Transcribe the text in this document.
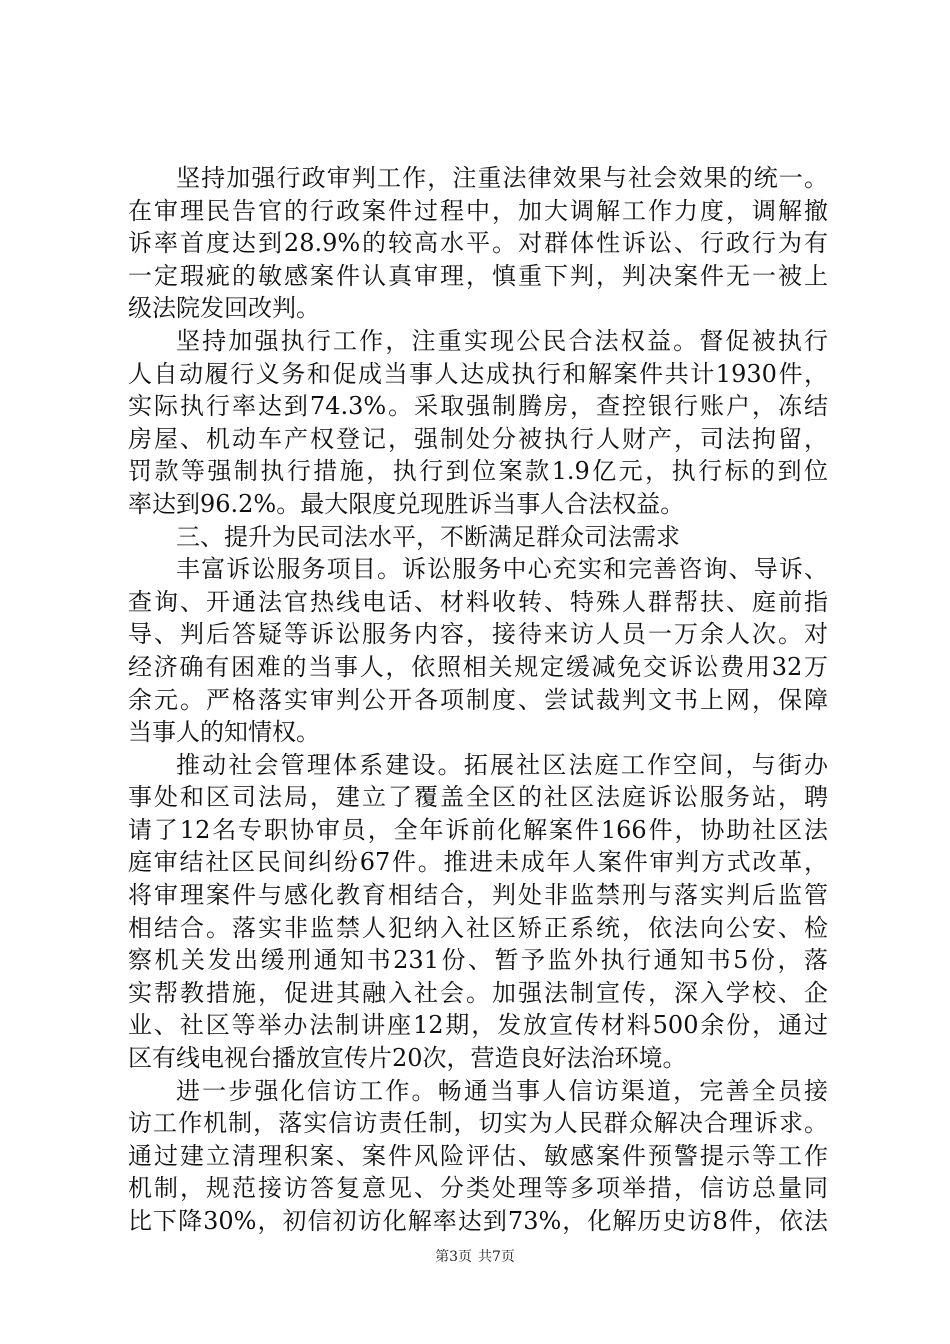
坚持加强行政审判工作，注重法律效果与社会效果的统一。
在审理民告官的行政案件过程中，加大调解工作力度，调解撤
诉率首度达到28.9%的较高水平。对群体性诉讼、行政行为有
一定瑕疵的敏感案件认真审理，慎重下判，判决案件无一被上
级法院发回改判。
坚持加强执行工作，注重实现公民合法权益。督促被执行
人自动履行义务和促成当事人达成执行和解案件共计1930件，
实际执行率达到74.3%。采取强制腾房，查控银行账户，冻结
房屋、机动车产权登记，强制处分被执行人财产，司法拘留，
罚款等强制执行措施，执行到位案款1.9亿元，执行标的到位
率达到96.2%。最大限度兑现胜诉当事人合法权益。
三、提升为民司法水平，不断满足群众司法需求
丰富诉讼服务项目。诉讼服务中心充实和完善咨询、导诉、
查询、开通法官热线电话、材料收转、特殊人群帮扶、庭前指
导、判后答疑等诉讼服务内容，接待来访人员一万余人次。对
经济确有困难的当事人，依照相关规定缓减免交诉讼费用32万
余元。严格落实审判公开各项制度、尝试裁判文书上网，保障
当事人的知情权。
推动社会管理体系建设。拓展社区法庭工作空间，与街办
事处和区司法局，建立了覆盖全区的社区法庭诉讼服务站，聘
请了12名专职协审员，全年诉前化解案件166件，协助社区法
庭审结社区民间纠纷67件。推进未成年人案件审判方式改革，
将审理案件与感化教育相结合，判处非监禁刑与落实判后监管
相结合。落实非监禁人犯纳入社区矫正系统，依法向公安、检
察机关发出缓刑通知书231份、暂予监外执行通知书5份，落
实帮教措施，促进其融入社会。加强法制宣传，深入学校、企
业、社区等举办法制讲座12期，发放宣传材料500余份，通过
区有线电视台播放宣传片20次，营造良好法治环境。
进一步强化信访工作。畅通当事人信访渠道，完善全员接
访工作机制，落实信访责任制，切实为人民群众解决合理诉求。
通过建立清理积案、案件风险评估、敏感案件预警提示等工作
机制，规范接访答复意见、分类处理等多项举措，信访总量同
比下降30%，初信初访化解率达到73%，化解历史访8件，依法
第3页 共7页
